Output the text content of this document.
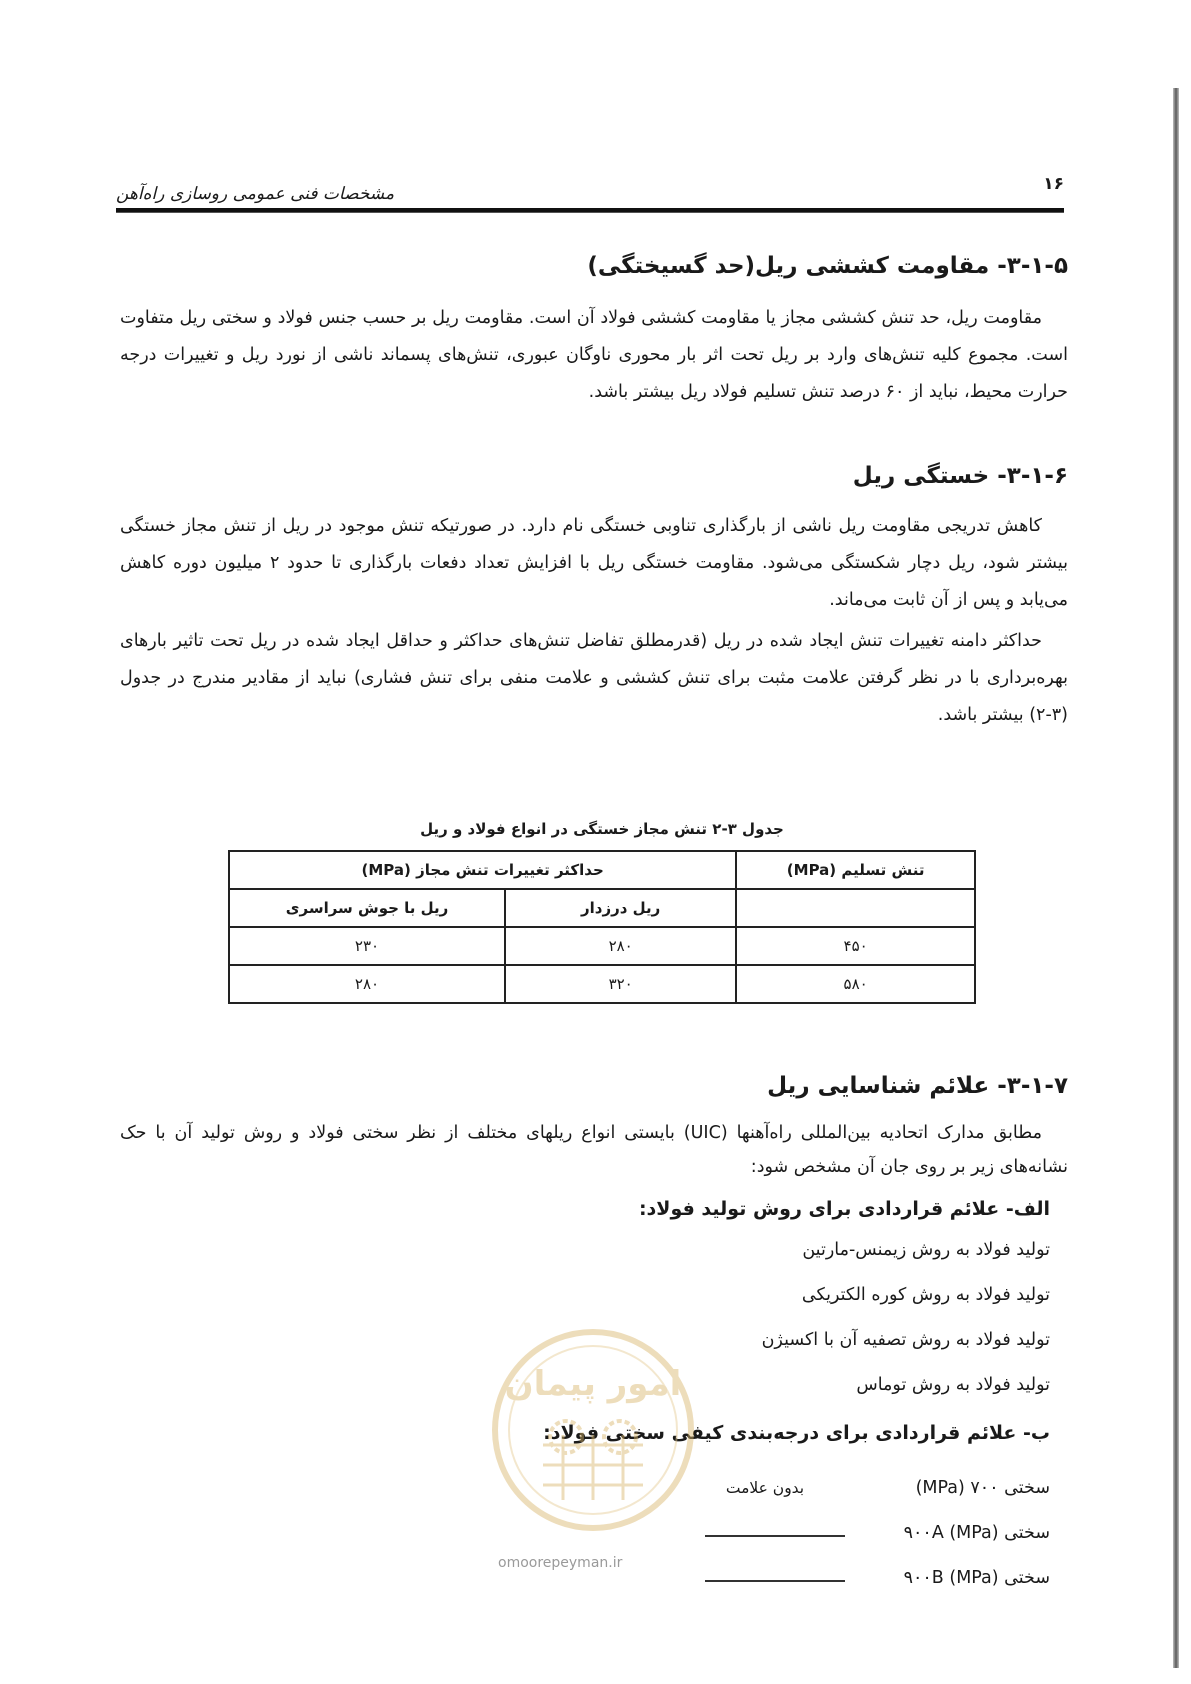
۱۶
مشخصات فنی عمومی روسازی راه‌آهن
۳-۱-۵- مقاومت کششی ریل(حد گسیختگی)

مقاومت ریل، حد تنش کششی مجاز یا مقاومت کششی فولاد آن است. مقاومت ریل بر حسب جنس فولاد و سختی ریل متفاوت است. مجموع کلیه تنش‌های وارد بر ریل تحت اثر بار محوری ناوگان عبوری، تنش‌های پسماند ناشی از نورد ریل و تغییرات درجه حرارت محیط، نباید از ۶۰ درصد تنش تسلیم فولاد ریل بیشتر باشد.

۳-۱-۶- خستگی ریل

کاهش تدریجی مقاومت ریل ناشی از بارگذاری تناوبی خستگی نام دارد. در صورتیکه تنش موجود در ریل از تنش مجاز خستگی بیشتر شود، ریل دچار شکستگی می‌شود. مقاومت خستگی ریل با افزایش تعداد دفعات بارگذاری تا حدود ۲ میلیون دوره کاهش می‌یابد و پس از آن ثابت می‌ماند.

حداکثر دامنه تغییرات تنش ایجاد شده در ریل (قدرمطلق تفاضل تنش‌های حداکثر و حداقل ایجاد شده در ریل تحت تاثیر بارهای بهره‌برداری با در نظر گرفتن علامت مثبت برای تنش کششی و علامت منفی برای تنش فشاری) نباید از مقادیر مندرج در جدول (۳-۲) بیشتر باشد.

جدول ۳-۲ تنش مجاز خستگی در انواع فولاد و ریل
تنش تسلیم (MPa)	حداکثر تغییرات تنش مجاز (MPa)	
	ریل درزدار	ریل با جوش سراسری
۴۵۰	۲۸۰	۲۳۰
۵۸۰	۳۲۰	۲۸۰
۳-۱-۷- علائم شناسایی ریل

مطابق مدارک اتحادیه بین‌المللی راه‌آهنها (UIC) بایستی انواع ریلهای مختلف از نظر سختی فولاد و روش تولید آن با حک نشانه‌های زیر بر روی جان آن مشخص شود:

الف- علائم قراردادی برای روش تولید فولاد:
تولید فولاد به روش زیمنس-مارتین
تولید فولاد به روش کوره الکتریکی
تولید فولاد به روش تصفیه آن با اکسیژن
تولید فولاد به روش توماس
ب- علائم قراردادی برای درجه‌بندی کیفی سختی فولاد:
سختی ۷۰۰ (MPa)
بدون علامت
سختی ۹۰۰A (MPa)
سختی ۹۰۰B (MPa)
امور پیمان
omoorepeyman.ir
